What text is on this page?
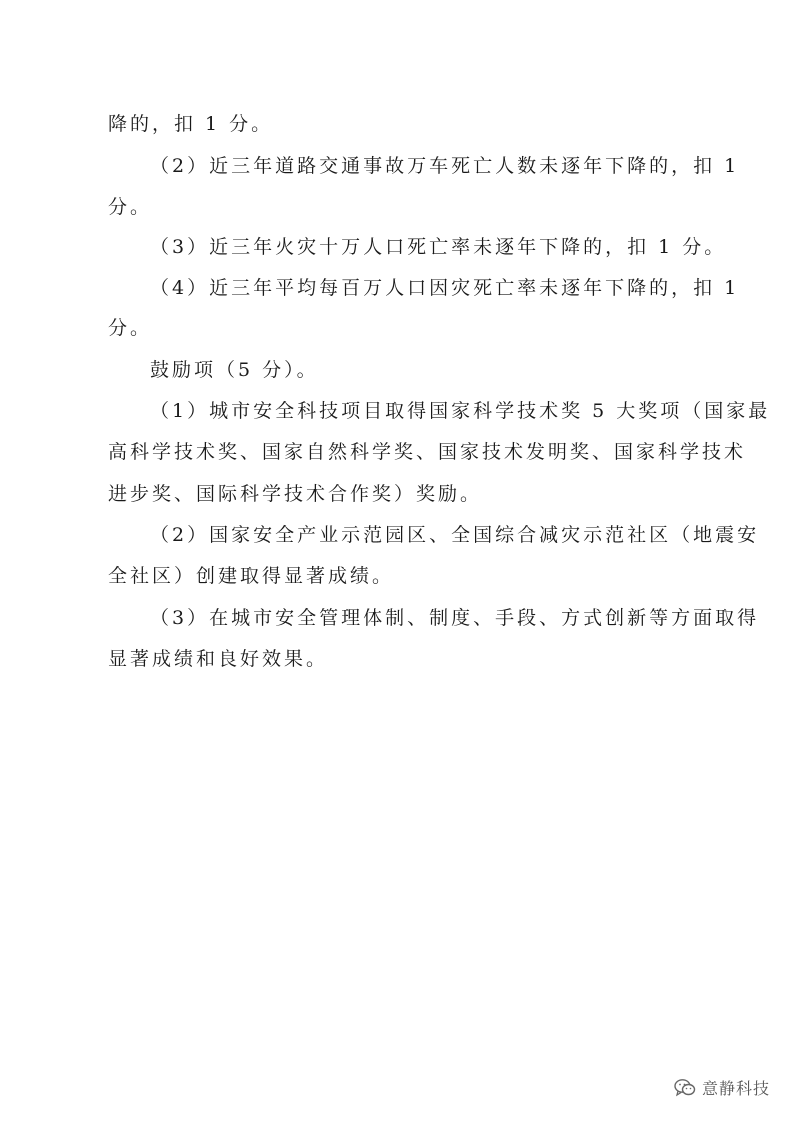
降的，扣 1 分。
（2）近三年道路交通事故万车死亡人数未逐年下降的，扣 1
分。
（3）近三年火灾十万人口死亡率未逐年下降的，扣 1 分。
（4）近三年平均每百万人口因灾死亡率未逐年下降的，扣 1
分。
鼓励项（5 分）。
（1）城市安全科技项目取得国家科学技术奖 5 大奖项（国家最
高科学技术奖、国家自然科学奖、国家技术发明奖、国家科学技术
进步奖、国际科学技术合作奖）奖励。
（2）国家安全产业示范园区、全国综合减灾示范社区（地震安
全社区）创建取得显著成绩。
（3）在城市安全管理体制、制度、手段、方式创新等方面取得
显著成绩和良好效果。
意静科技
